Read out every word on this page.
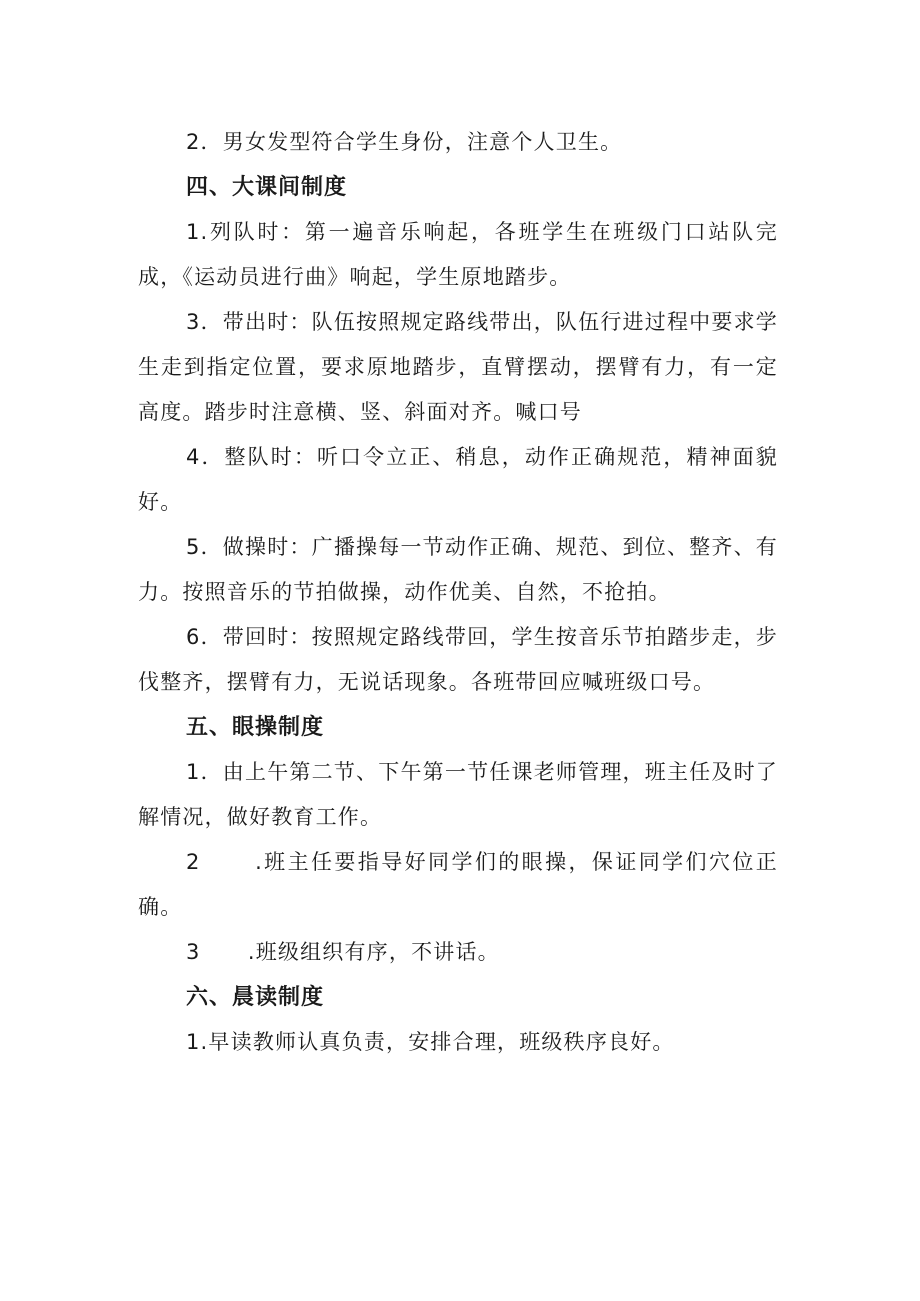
2．男女发型符合学生身份，注意个人卫生。

四、大课间制度

1.列队时：第一遍音乐响起，各班学生在班级门口站队完成，《运动员进行曲》响起，学生原地踏步。

3．带出时：队伍按照规定路线带出，队伍行进过程中要求学生走到指定位置，要求原地踏步，直臂摆动，摆臂有力，有一定高度。踏步时注意横、竖、斜面对齐。喊口号

4．整队时：听口令立正、稍息，动作正确规范，精神面貌好。

5．做操时：广播操每一节动作正确、规范、到位、整齐、有力。按照音乐的节拍做操，动作优美、自然，不抢拍。

6．带回时：按照规定路线带回，学生按音乐节拍踏步走，步伐整齐，摆臂有力，无说话现象。各班带回应喊班级口号。

五、眼操制度

1．由上午第二节、下午第一节任课老师管理，班主任及时了解情况，做好教育工作。

2      .班主任要指导好同学们的眼操，保证同学们穴位正确。

3      .班级组织有序，不讲话。

六、晨读制度

1.早读教师认真负责，安排合理，班级秩序良好。
